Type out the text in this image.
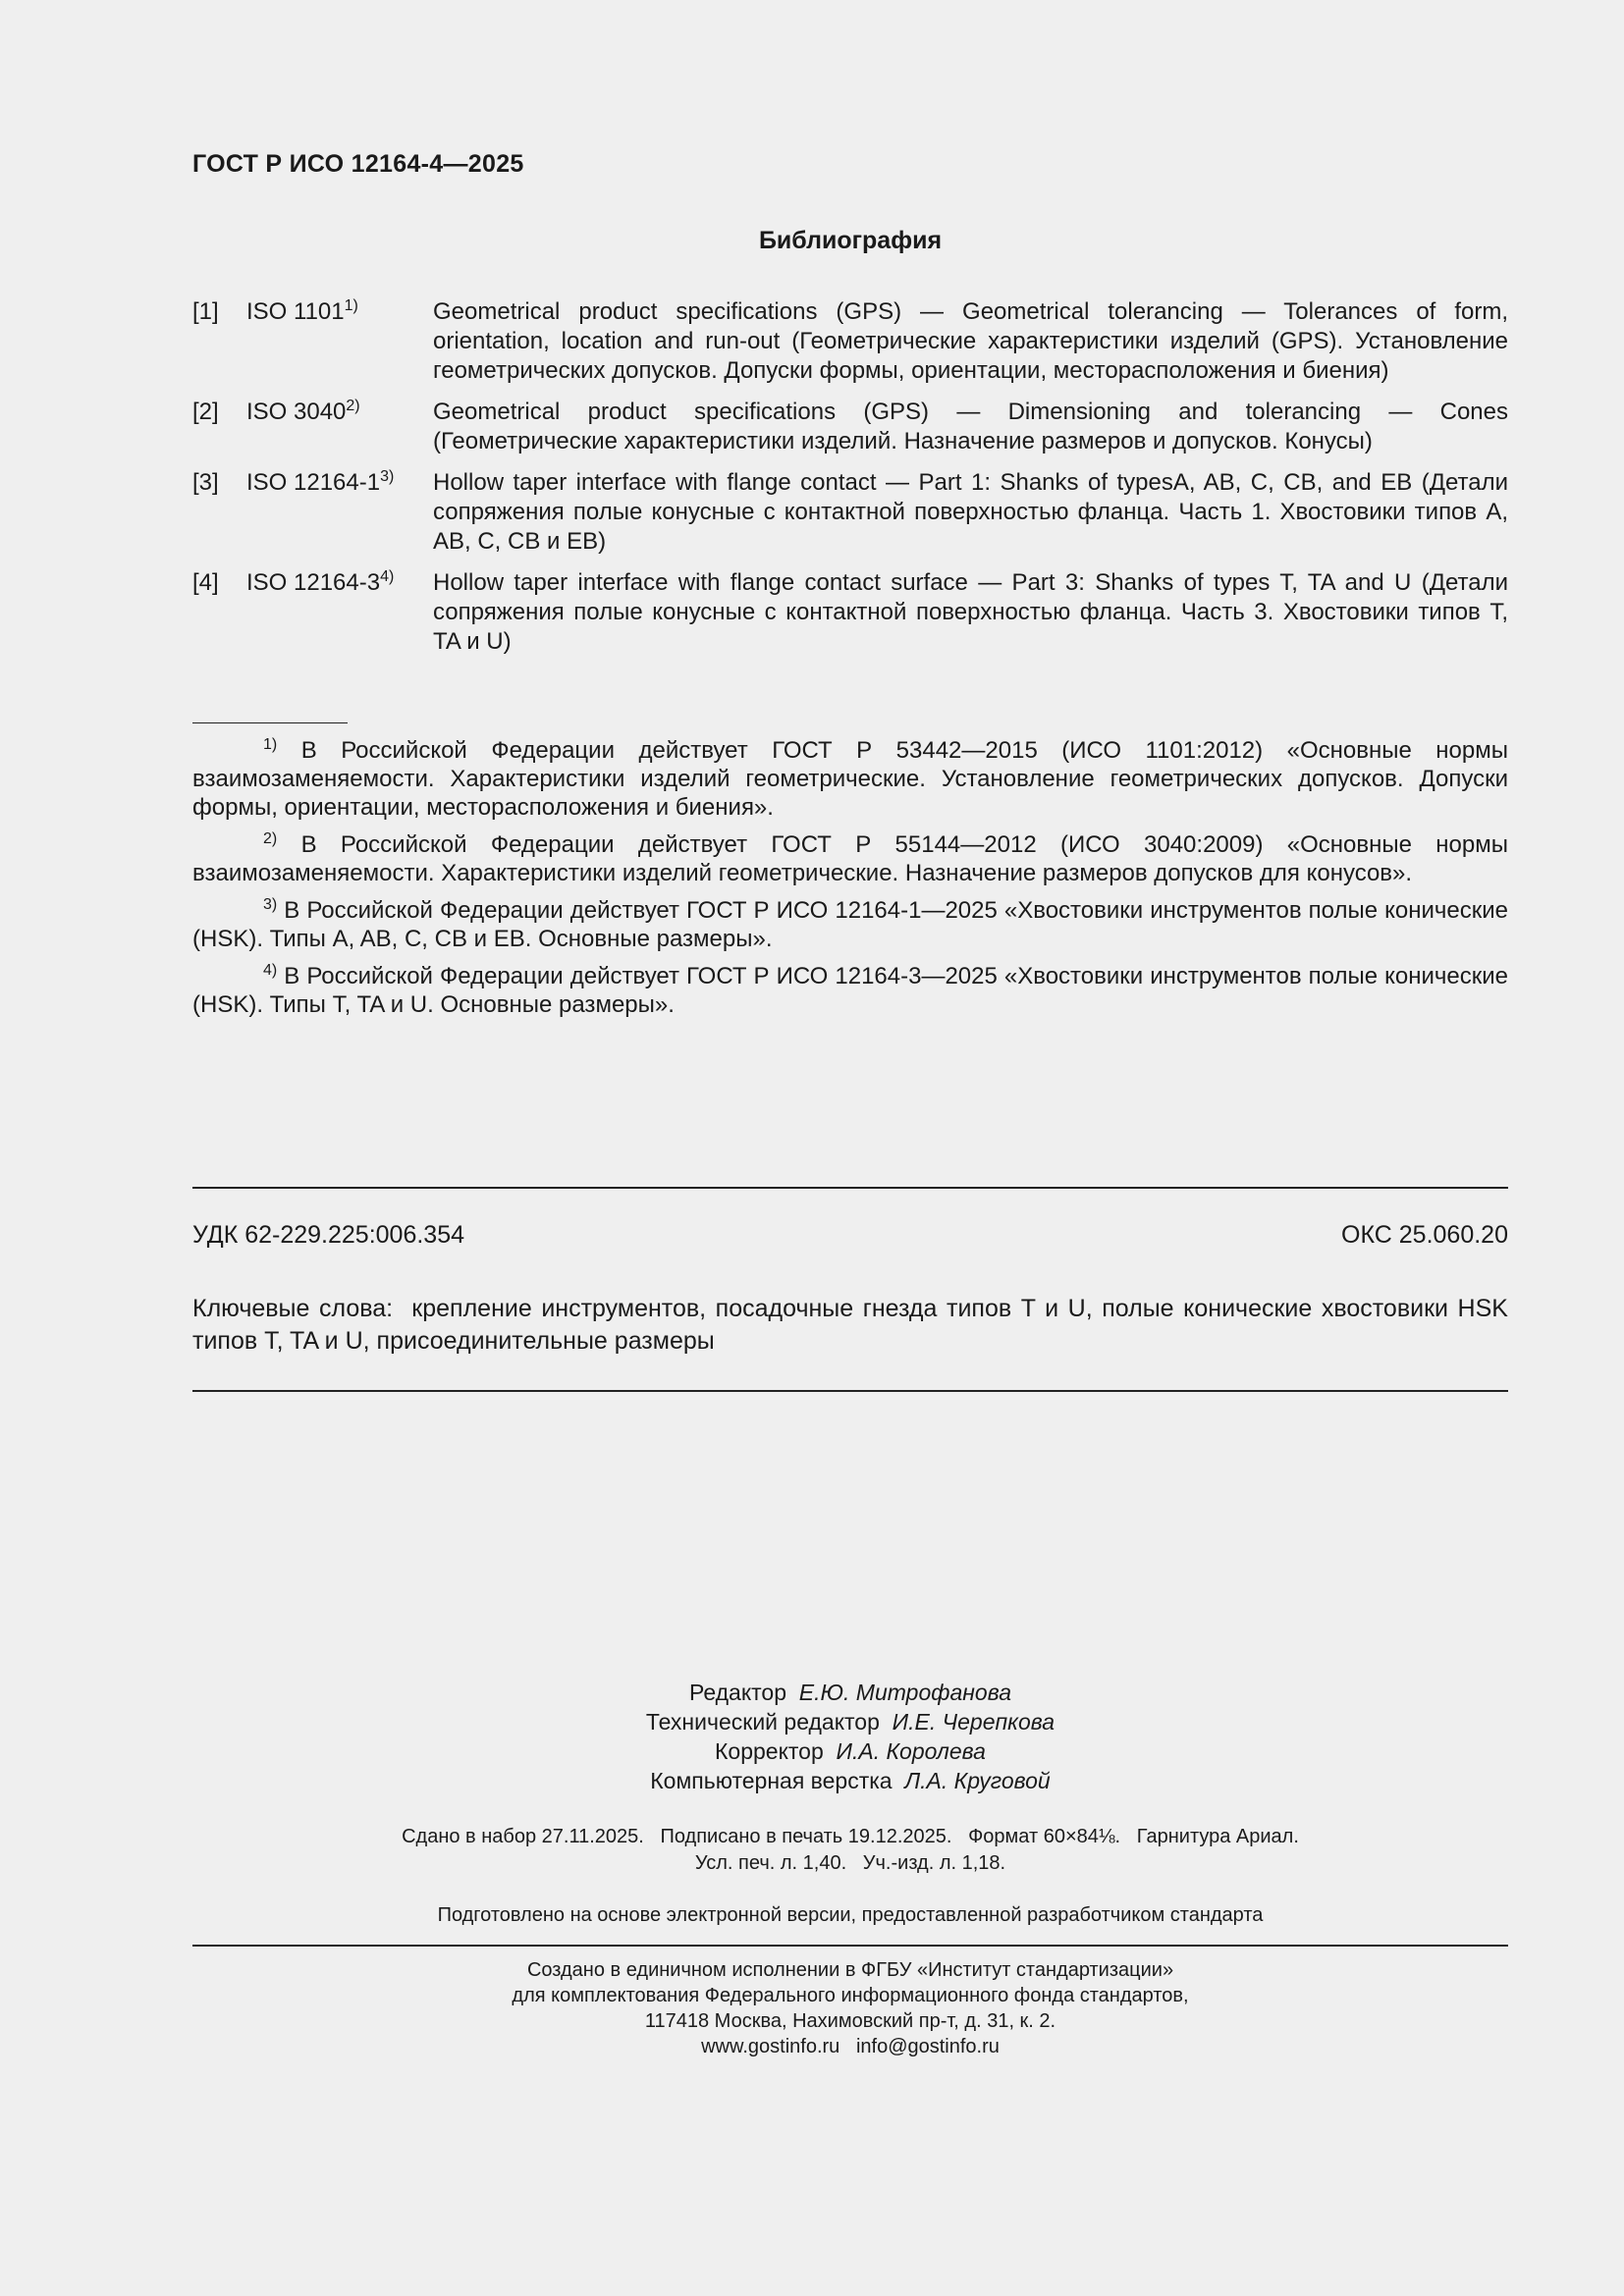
ГОСТ Р ИСО 12164-4—2025
Библиография
[1]	ISO 1101$^{1)}$	Geometrical product specifications (GPS) — Geometrical tolerancing — Tolerances of form, orientation, location and run-out (Геометрические характеристики изделий (GPS). Установление геометрических допусков. Допуски формы, ориентации, месторасположения и биения)
[2]	ISO 3040$^{2)}$	Geometrical product specifications (GPS) — Dimensioning and tolerancing — Cones (Геометрические характеристики изделий. Назначение размеров и допусков. Конусы)
[3]	ISO 12164-1$^{3)}$	Hollow taper interface with flange contact — Part 1: Shanks of typesA, AB, C, CB, and EB (Детали сопряжения полые конусные с контактной поверхностью фланца. Часть 1. Хвостовики типов A, AB, C, CB и EB)
[4]	ISO 12164-3$^{4)}$	Hollow taper interface with flange contact surface — Part 3: Shanks of types T, TA and U (Детали сопряжения полые конусные с контактной поверхностью фланца. Часть 3. Хвостовики типов T, TA и U)
$^{1)}$ В Российской Федерации действует ГОСТ Р 53442—2015 (ИСО 1101:2012) «Основные нормы взаимозаменяемости. Характеристики изделий геометрические. Установление геометрических допусков. Допуски формы, ориентации, месторасположения и биения».
$^{2)}$ В Российской Федерации действует ГОСТ Р 55144—2012 (ИСО 3040:2009) «Основные нормы взаимозаменяемости. Характеристики изделий геометрические. Назначение размеров допусков для конусов».
$^{3)}$ В Российской Федерации действует ГОСТ Р ИСО 12164-1—2025 «Хвостовики инструментов полые конические (HSK). Типы A, AB, C, CB и EB. Основные размеры».
$^{4)}$ В Российской Федерации действует ГОСТ Р ИСО 12164-3—2025 «Хвостовики инструментов полые конические (HSK). Типы T, TA и U. Основные размеры».
УДК 62-229.225:006.354	ОКС 25.060.20
Ключевые слова: крепление инструментов, посадочные гнезда типов T и U, полые конические хвостовики HSK типов T, TA и U, присоединительные размеры
Редактор Е.Ю. Митрофанова
Технический редактор И.Е. Черепкова
Корректор И.А. Королева
Компьютерная верстка Л.А. Круговой
Сдано в набор 27.11.2025.   Подписано в печать 19.12.2025.   Формат 60×84⅛.   Гарнитура Ариал.
Усл. печ. л. 1,40.   Уч.-изд. л. 1,18.
Подготовлено на основе электронной версии, предоставленной разработчиком стандарта
Создано в единичном исполнении в ФГБУ «Институт стандартизации»
для комплектования Федерального информационного фонда стандартов,
117418 Москва, Нахимовский пр-т, д. 31, к. 2.
www.gostinfo.ru info@gostinfo.ru
